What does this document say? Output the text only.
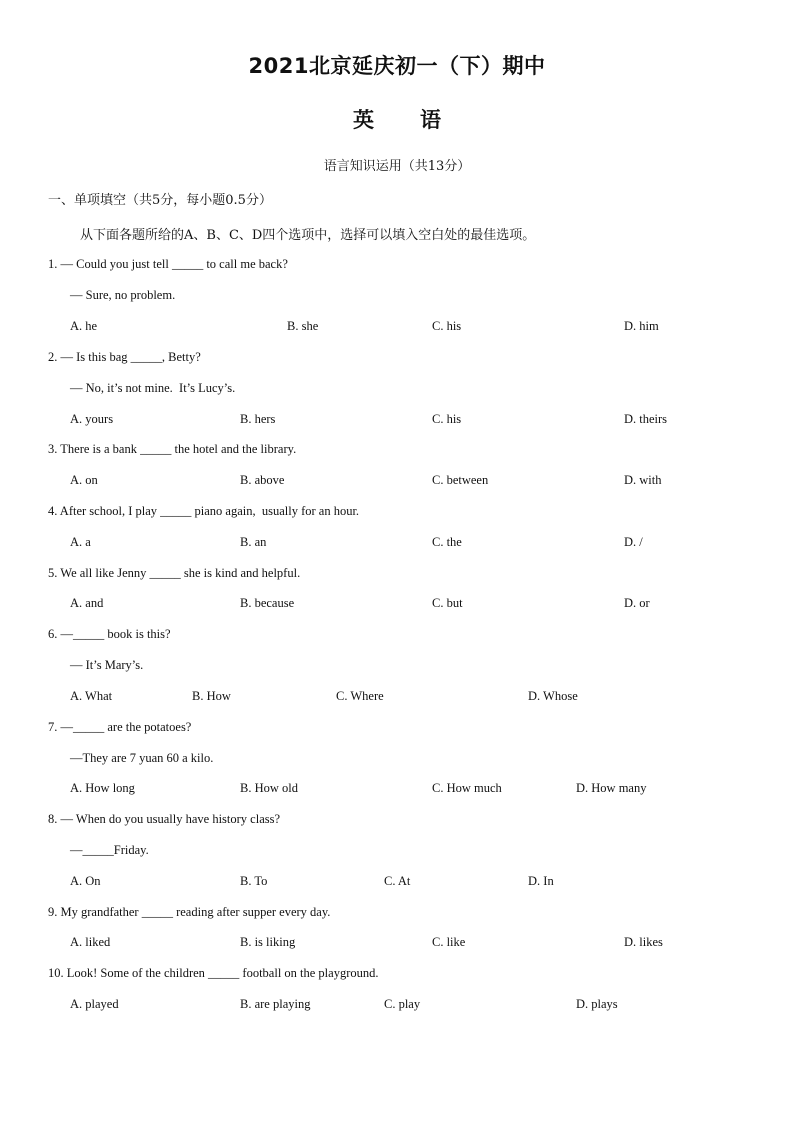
2021北京延庆初一（下）期中
英语
语言知识运用（共13分）
一、单项填空（共5分，每小题0.5分）
从下面各题所给的A、B、C、D四个选项中，选择可以填入空白处的最佳选项。
1. — Could you just tell _____ to call me back?
— Sure, no problem.
A. he	B. she	C. his	D. him
2. — Is this bag _____, Betty?
— No, it’s not mine.  It’s Lucy’s.
A. yours	B. hers	C. his	D. theirs
3. There is a bank _____ the hotel and the library.
A. on	B. above	C. between	D. with
4. After school, I play _____ piano again,  usually for an hour.
A. a	B. an	C. the	D. /
5. We all like Jenny _____ she is kind and helpful.
A. and	B. because	C. but	D. or
6. —_____ book is this?
— It’s Mary’s.
A. What	B. How	C. Where	D. Whose
7. —_____ are the potatoes?
—They are 7 yuan 60 a kilo.
A. How long	B. How old	C. How much	D. How many
8. — When do you usually have history class?
—_____Friday.
A. On	B. To	C. At	D. In
9. My grandfather _____ reading after supper every day.
A. liked	B. is liking	C. like	D. likes
10. Look! Some of the children _____ football on the playground.
A. played	B. are playing	C. play	D. plays
